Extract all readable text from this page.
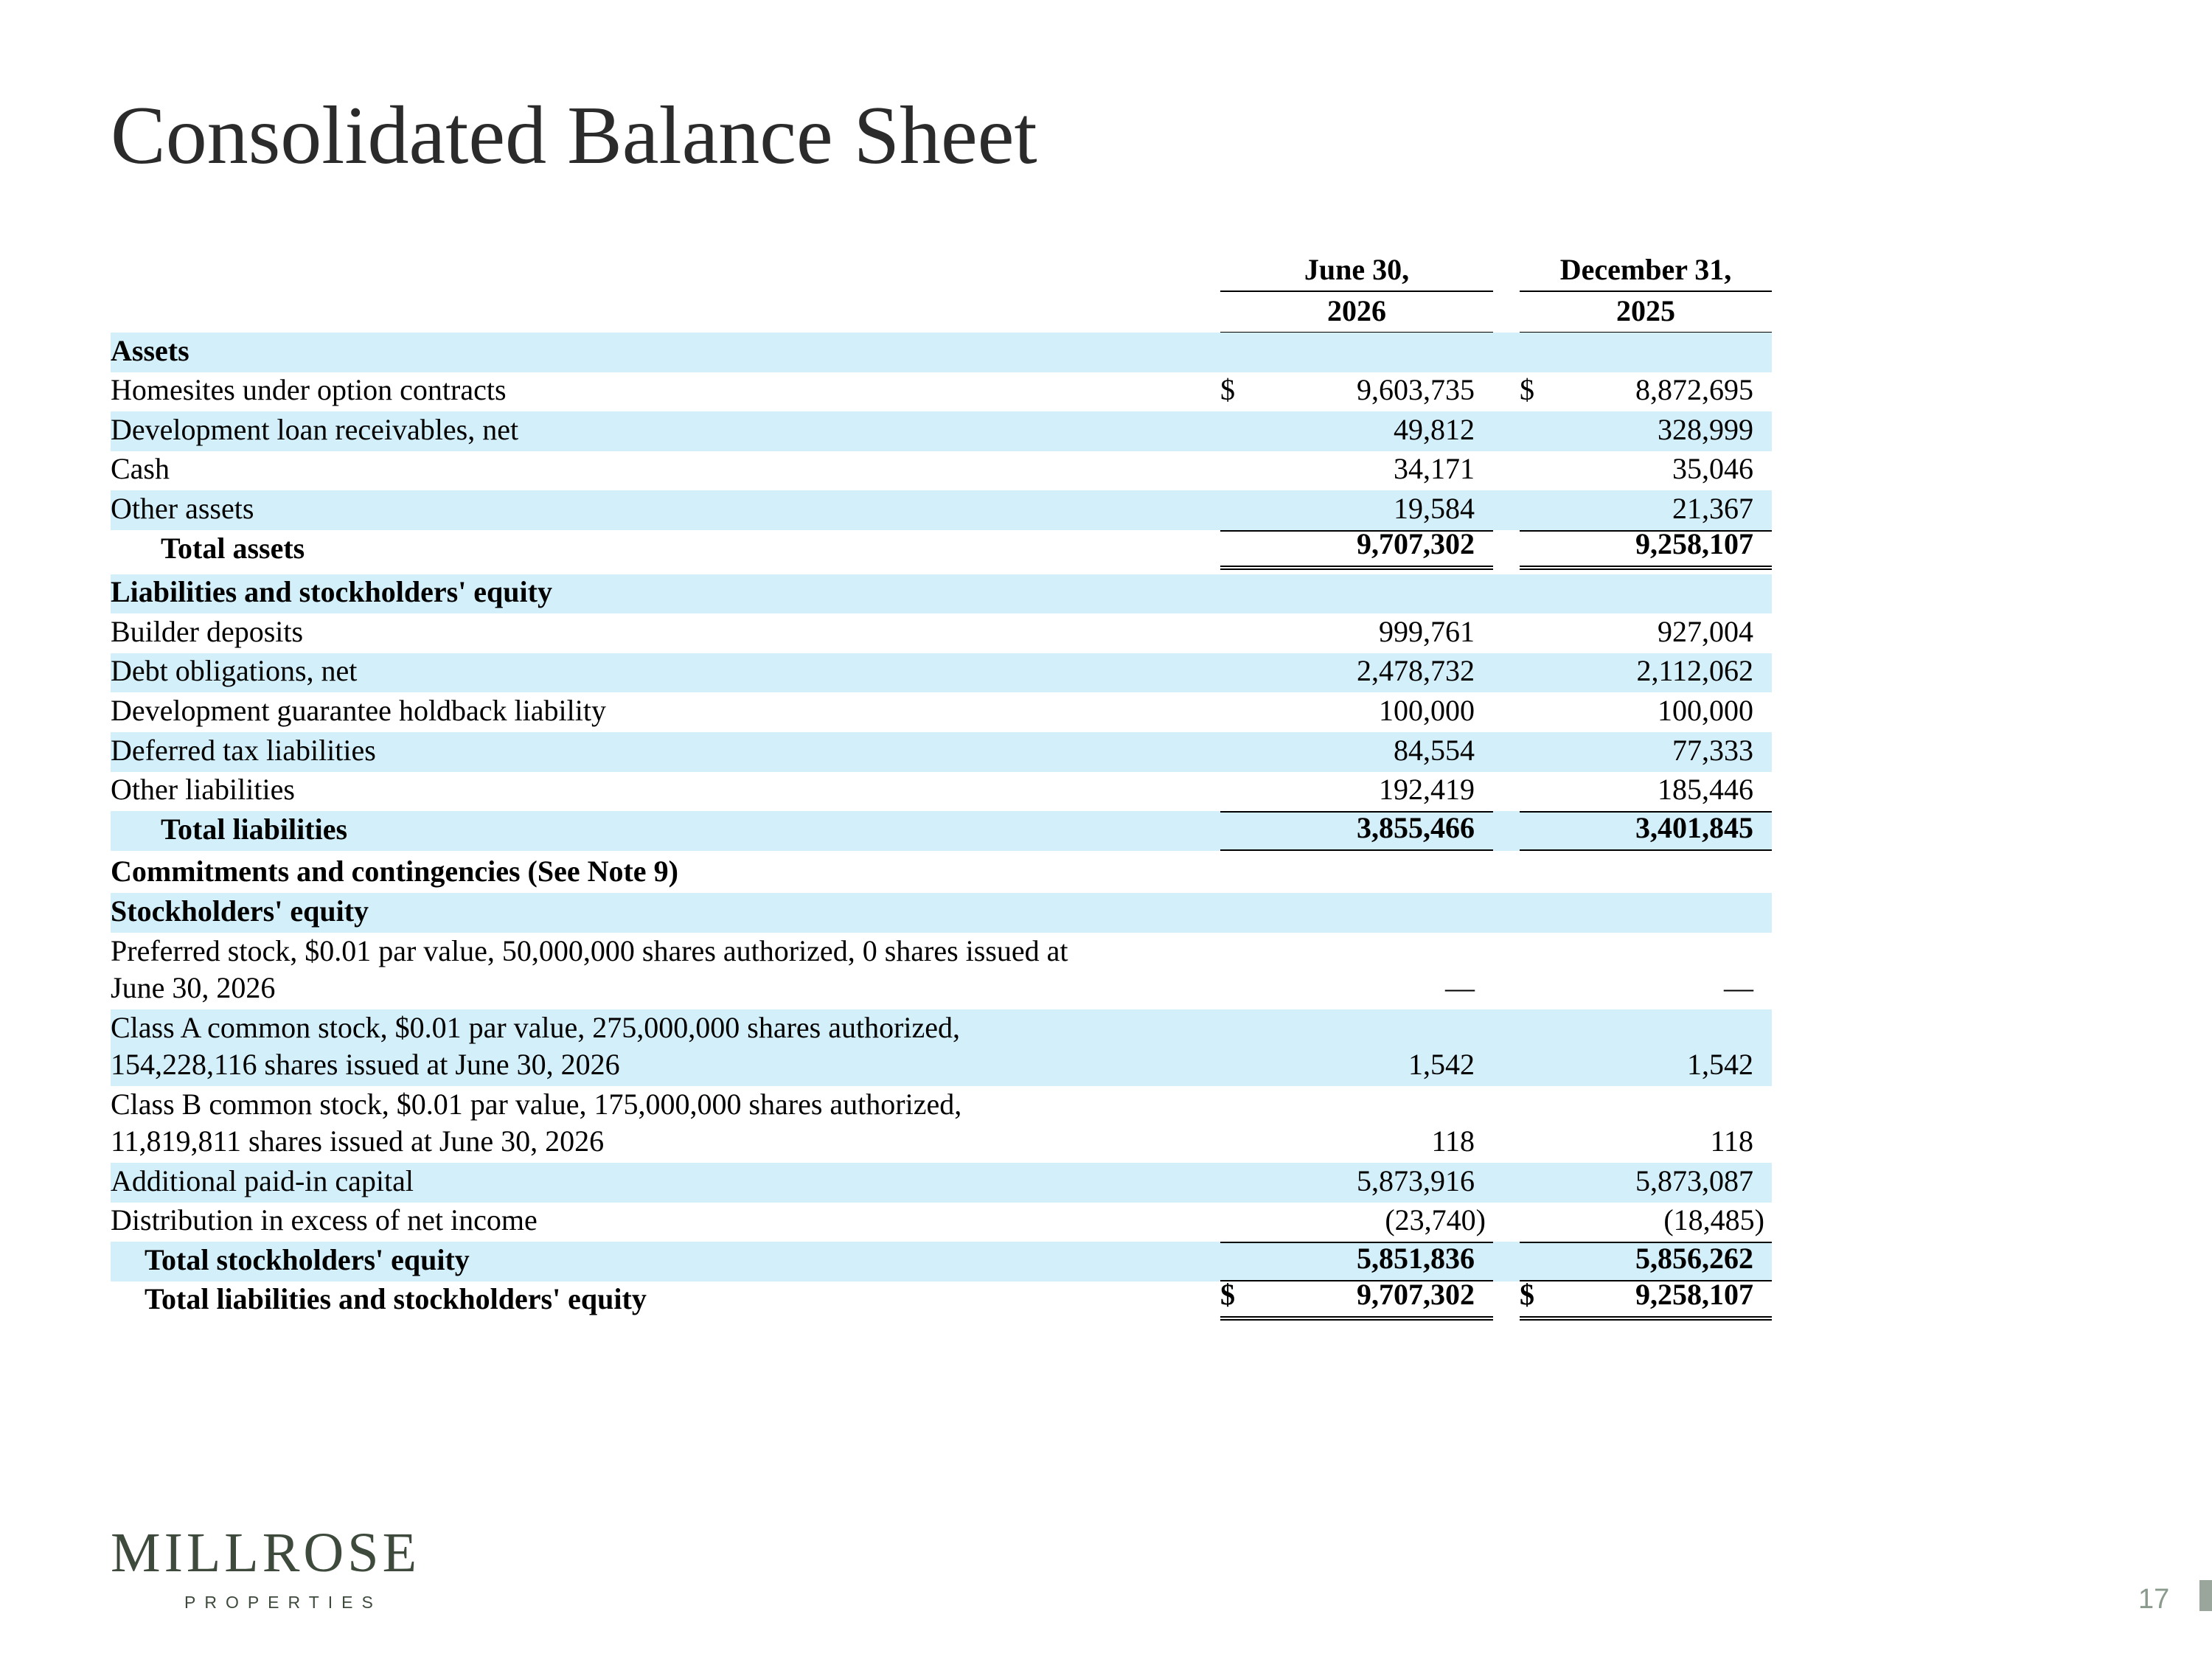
Consolidated Balance Sheet
June 30,
2026
December 31,
2025
Assets
Homesites under option contracts	$	9,603,735 $	8,872,695
Development loan receivables, net	49,812	328,999
Cash	34,171	35,046
Other assets	19,584	21,367
Total assets	9,707,302	9,258,107
Liabilities and stockholders' equity
Builder deposits	999,761	927,004
Debt obligations, net	2,478,732	2,112,062
Development guarantee holdback liability	100,000	100,000
Deferred tax liabilities	84,554	77,333
Other liabilities	192,419	185,446
Total liabilities	3,855,466	3,401,845
Commitments and contingencies (See Note 9)
Stockholders' equity
Preferred stock, $0.01 par value, 50,000,000 shares authorized, 0 shares issued at
June 30, 2026	—	—
Class A common stock, $0.01 par value, 275,000,000 shares authorized,
154,228,116 shares issued at June 30, 2026	1,542	1,542
Class B common stock, $0.01 par value, 175,000,000 shares authorized,
11,819,811 shares issued at June 30, 2026	118	118
Additional paid-in capital	5,873,916	5,873,087
Distribution in excess of net income	(23,740)	(18,485)
Total stockholders' equity	5,851,836	5,856,262
Total liabilities and stockholders' equity	$	9,707,302 $	9,258,107
MILLROSE
PROPERTIES	17
